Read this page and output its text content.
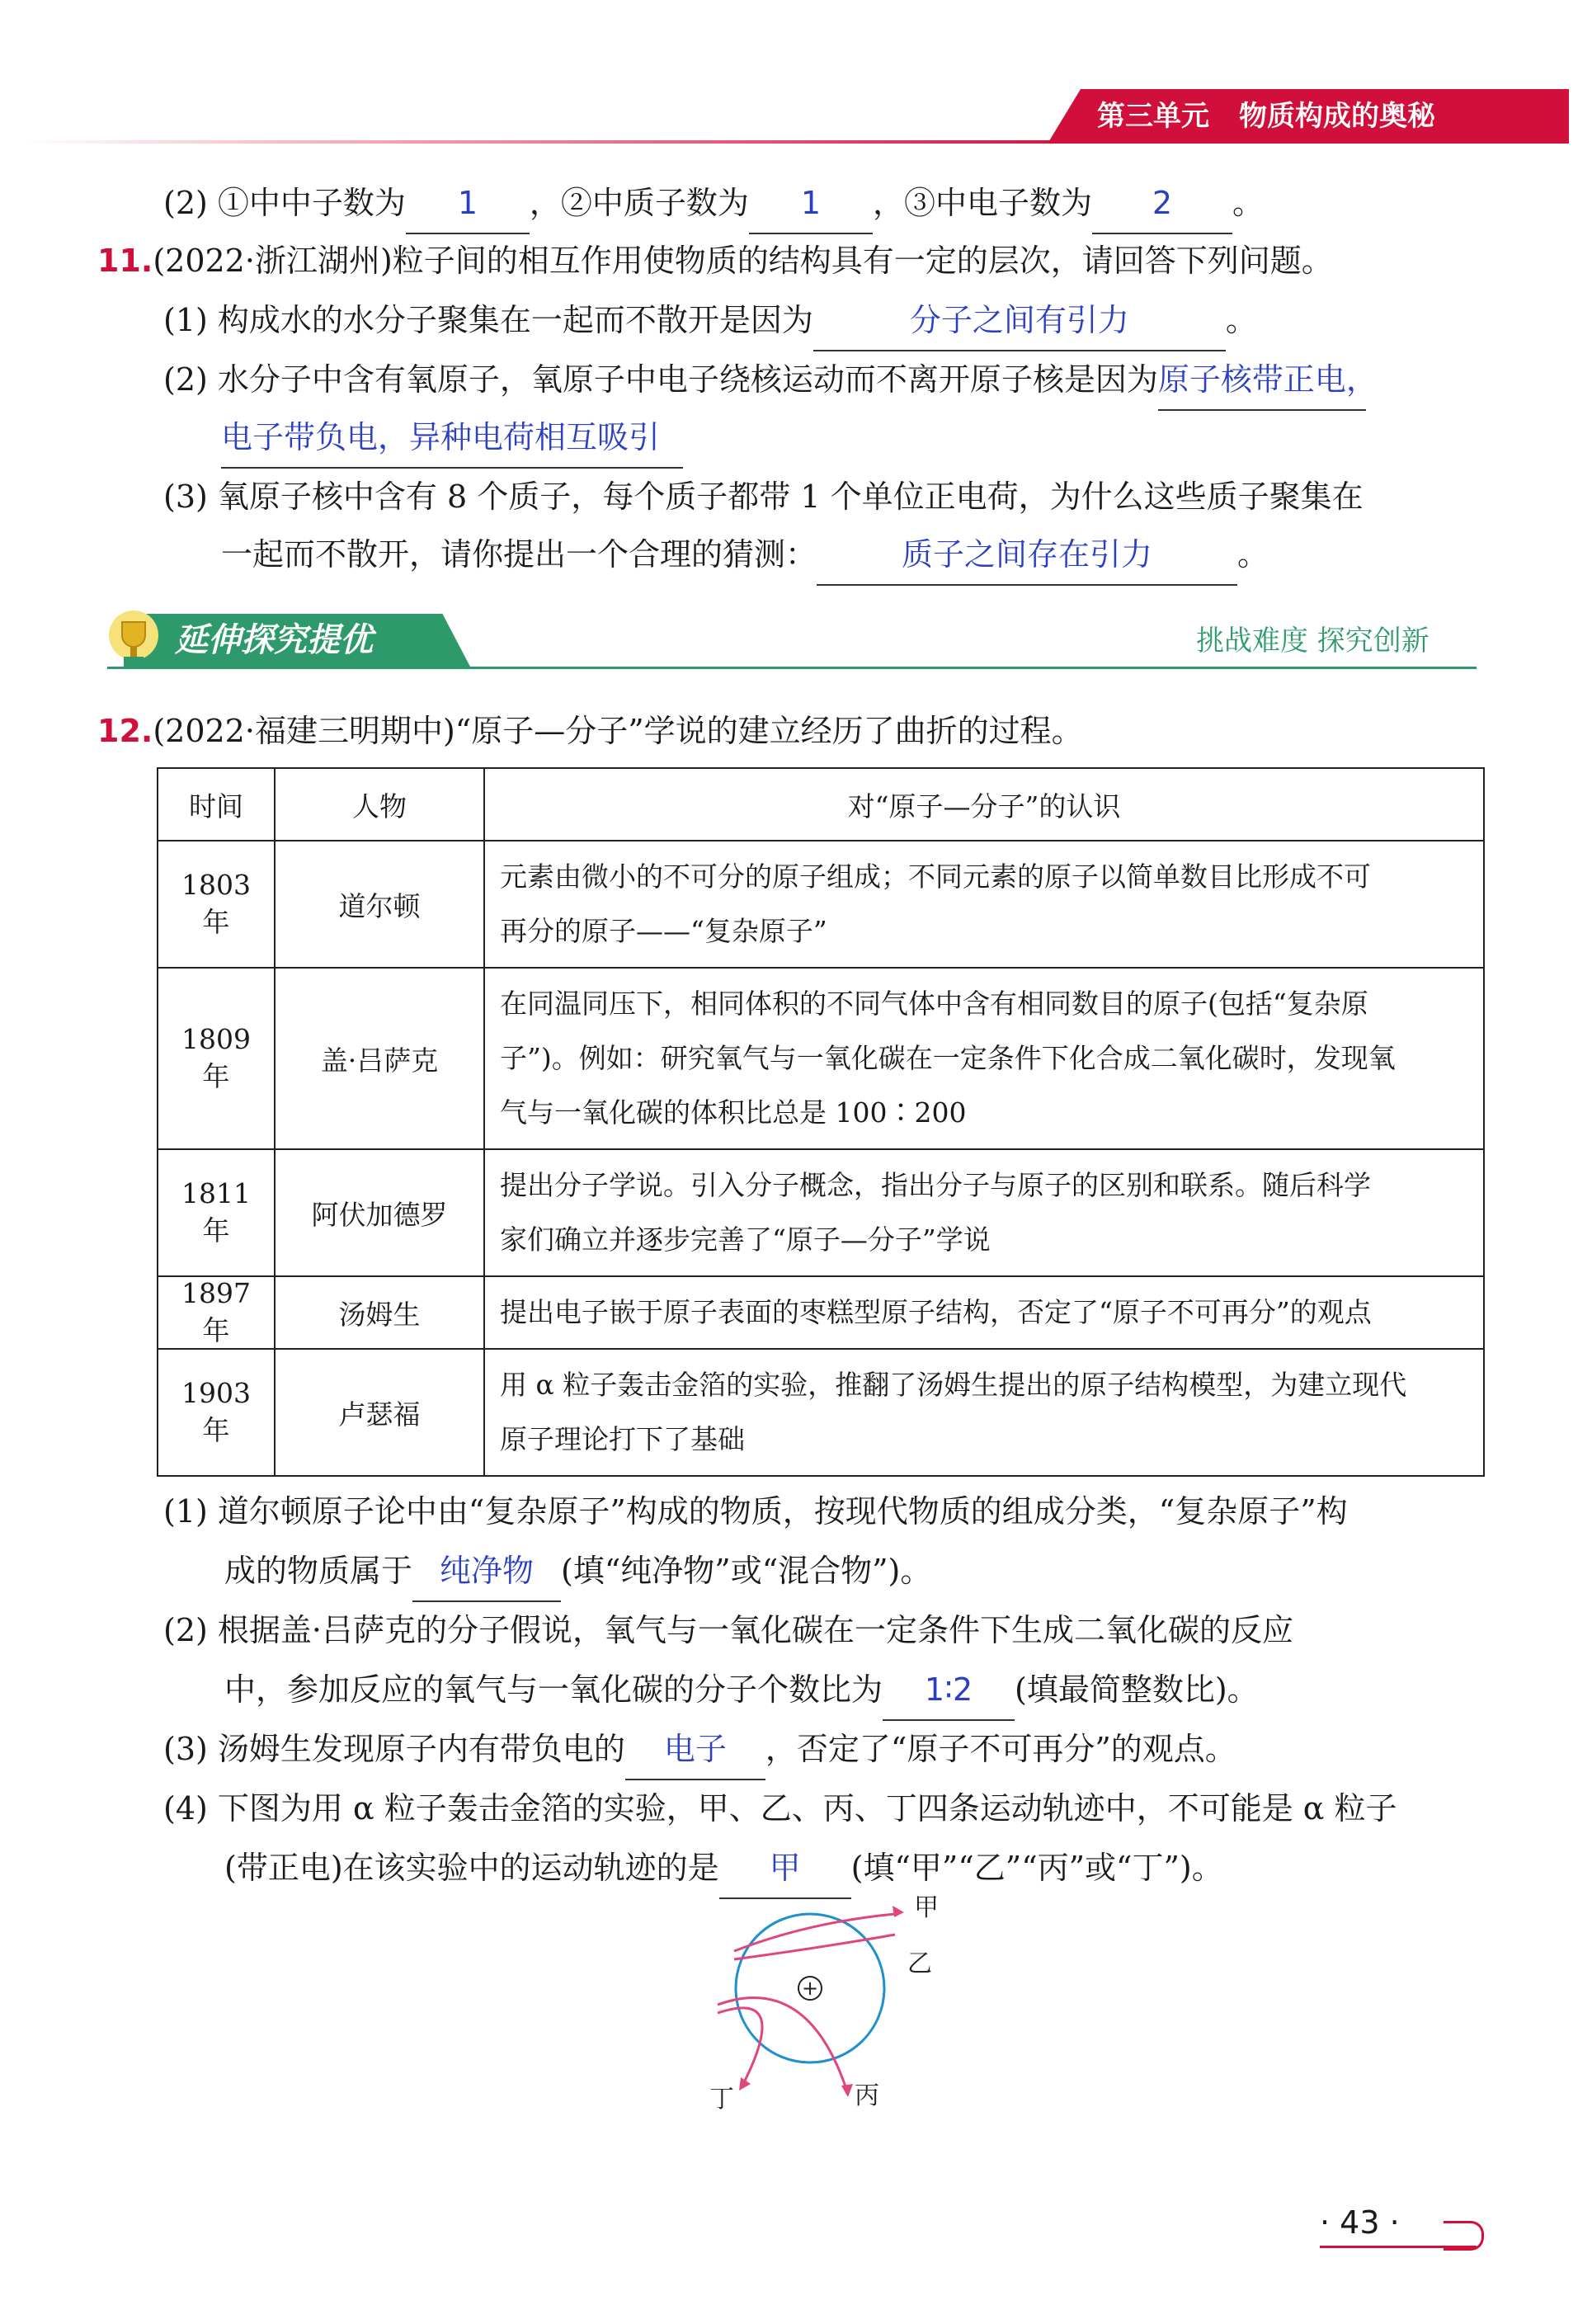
第三单元 物质构成的奥秘
(2) ①中中子数为 1 ，②中质子数为 1 ，③中电子数为 2 。
11.(2022·浙江湖州)粒子间的相互作用使物质的结构具有一定的层次，请回答下列问题。
(1) 构成水的水分子聚集在一起而不散开是因为	分子之间有引力	。
(2) 水分子中含有氧原子，氧原子中电子绕核运动而不离开原子核是因为原子核带正电，
电子带负电，异种电荷相互吸引
(3) 氧原子核中含有 8 个质子，每个质子都带 1 个单位正电荷，为什么这些质子聚集在
一起而不散开，请你提出一个合理的猜测：	质子之间存在引力	。
延伸探究提优	挑战难度 探究创新
12.(2022·福建三明期中)“原子—分子”学说的建立经历了曲折的过程。
时间	人物	对“原子—分子”的认识
1803 年	道尔顿	元素由微小的不可分的原子组成；不同元素的原子以简单数目比形成不可
再分的原子——“复杂原子”

1809 年	盖·吕萨克	在同温同压下，相同体积的不同气体中含有相同数目的原子(包括“复杂原
子”)。例如：研究氧气与一氧化碳在一定条件下化合成二氧化碳时，发现氧
气与一氧化碳的体积比总是 100∶200

1811 年	阿伏加德罗	提出分子学说。引入分子概念，指出分子与原子的区别和联系。随后科学
家们确立并逐步完善了“原子—分子”学说

1897 年	汤姆生	提出电子嵌于原子表面的枣糕型原子结构，否定了“原子不可再分”的观点

1903 年	卢瑟福	用 α 粒子轰击金箔的实验，推翻了汤姆生提出的原子结构模型，为建立现代
原子理论打下了基础
(1) 道尔顿原子论中由“复杂原子”构成的物质，按现代物质的组成分类，“复杂原子”构
成的物质属于 纯净物 (填“纯净物”或“混合物”)。
(2) 根据盖·吕萨克的分子假说，氧气与一氧化碳在一定条件下生成二氧化碳的反应
中，参加反应的氧气与一氧化碳的分子个数比为 1∶2 (填最简整数比)。
(3) 汤姆生发现原子内有带负电的 电子 ，否定了“原子不可再分”的观点。
(4) 下图为用 α 粒子轰击金箔的实验，甲、乙、丙、丁四条运动轨迹中，不可能是 α 粒子
(带正电)在该实验中的运动轨迹的是 甲 (填“甲”“乙”“丙”或“丁”)。
+
甲
乙
丙
丁
· 43 ·
